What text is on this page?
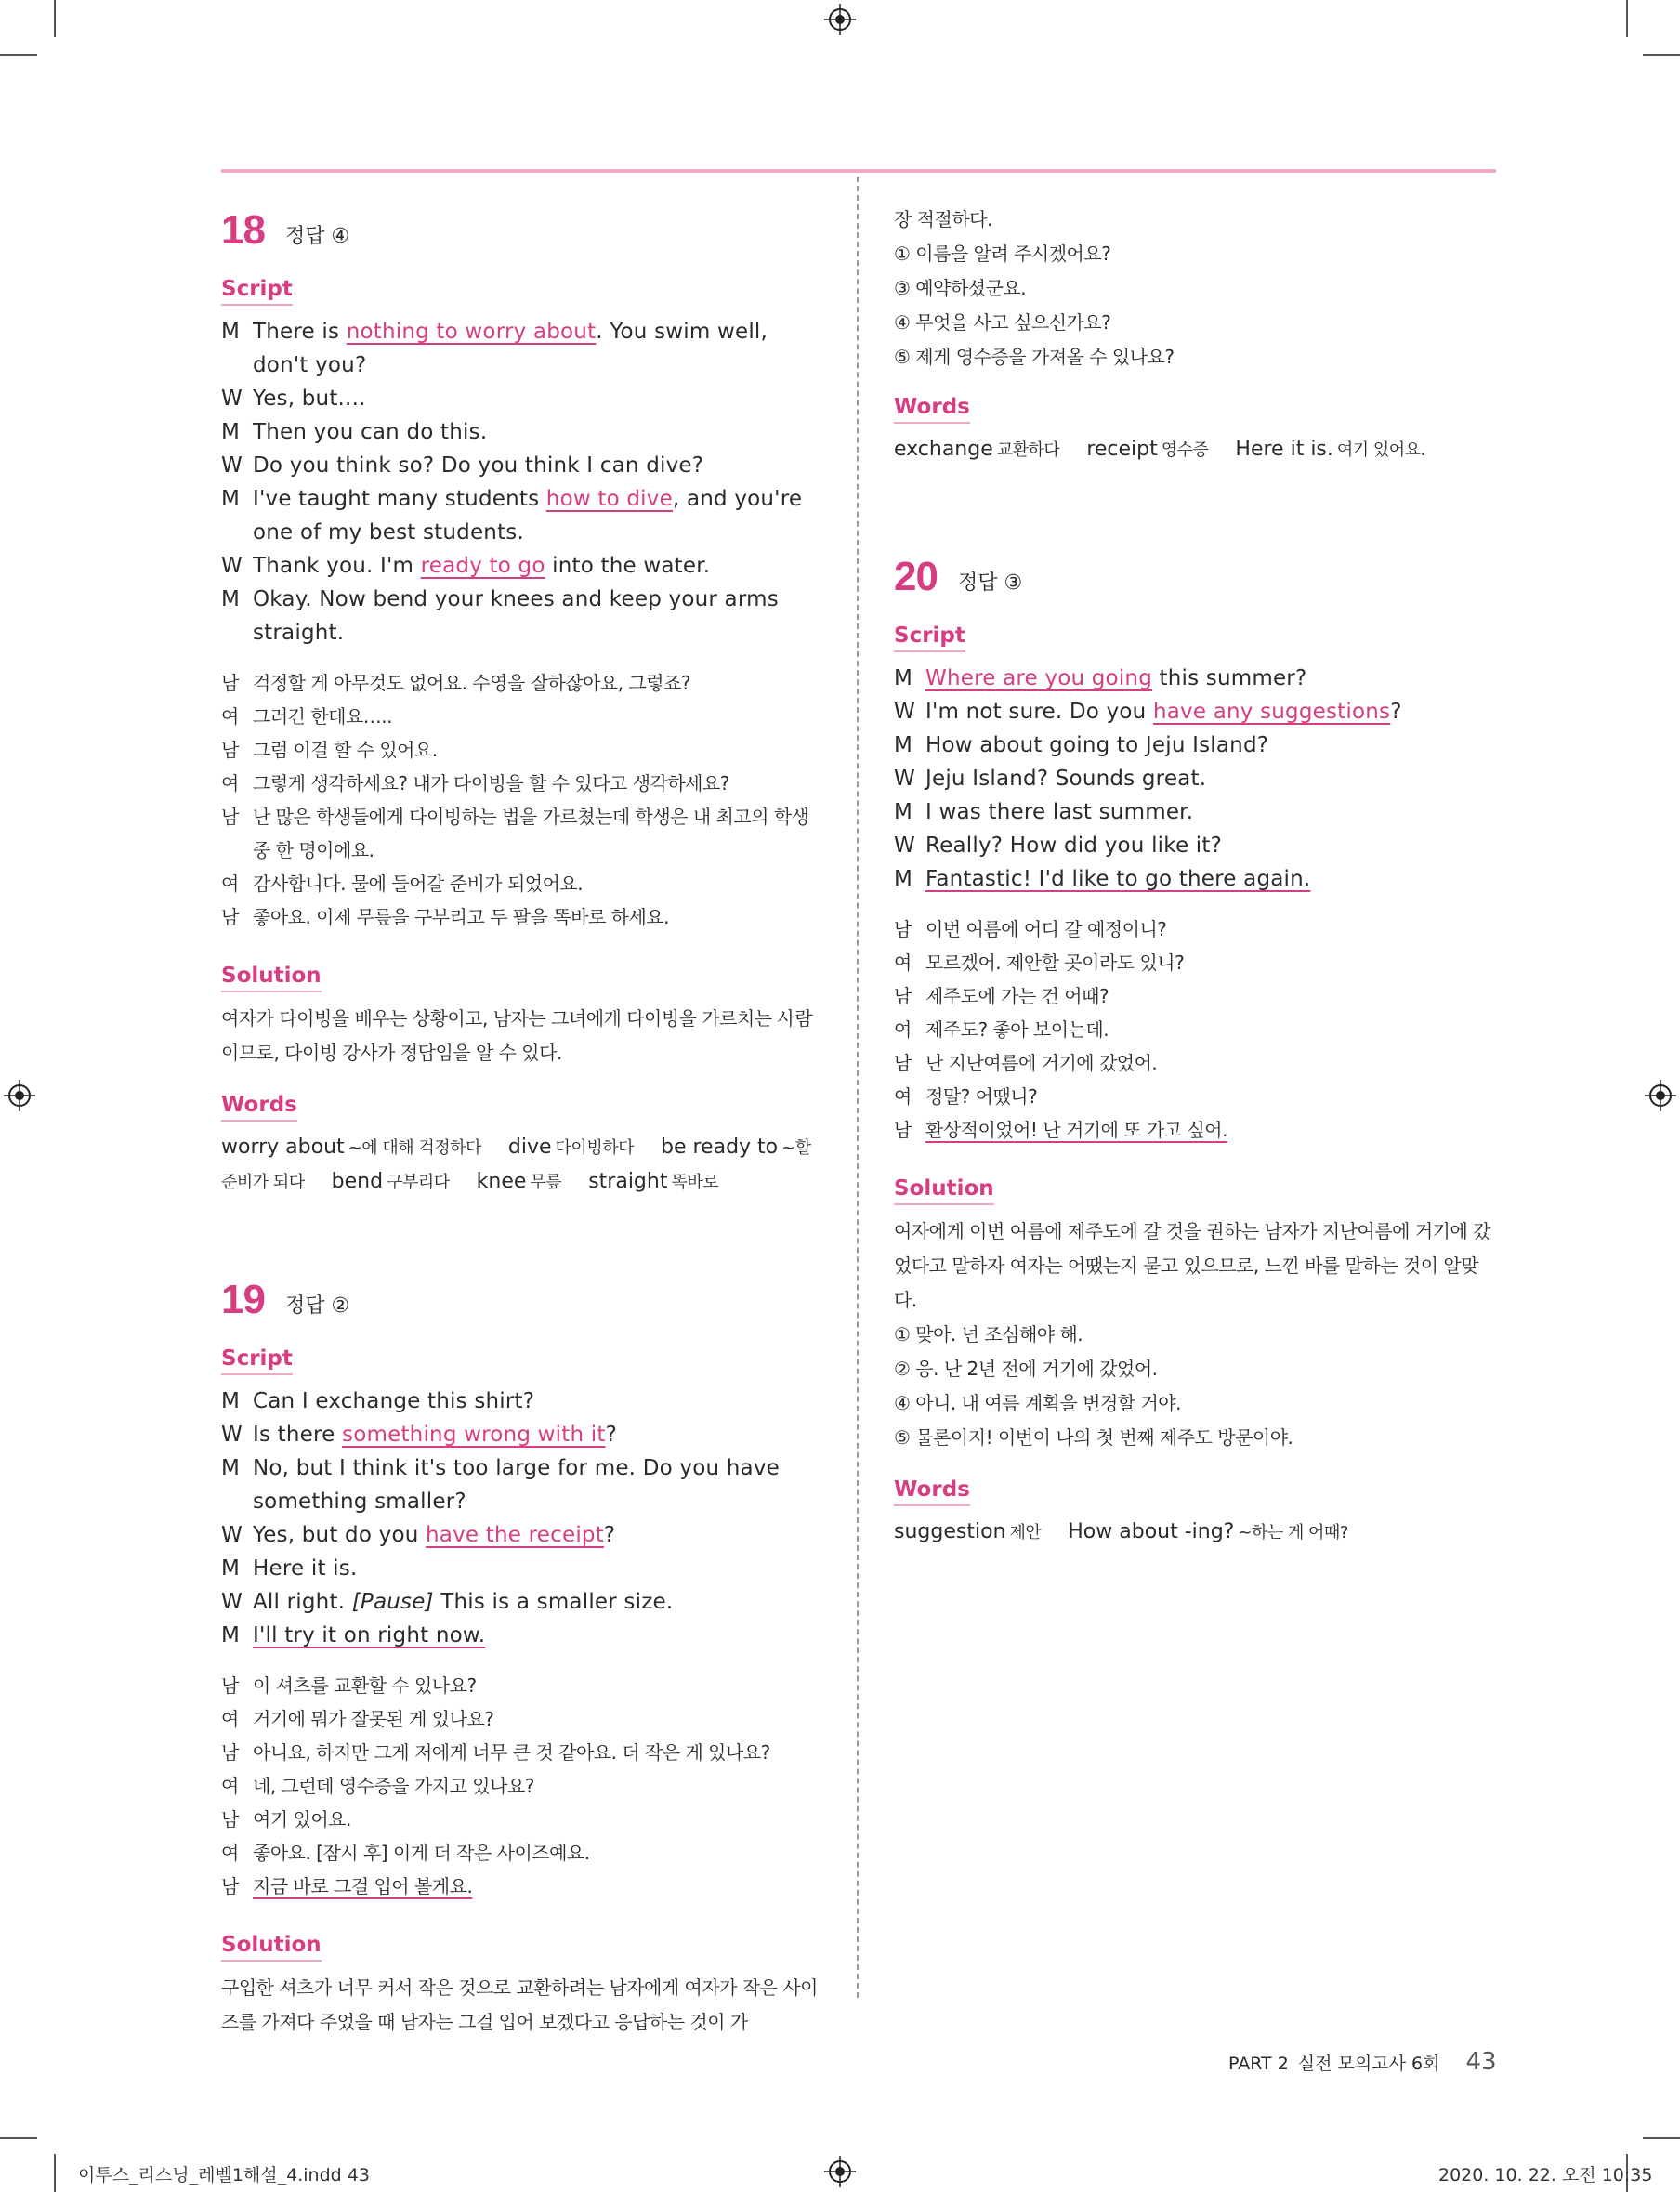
18 정답 ④
Script
M There is nothing to worry about. You swim well, don't you?
W Yes, but....
M Then you can do this.
W Do you think so? Do you think I can dive?
M I've taught many students how to dive, and you're one of my best students.
W Thank you. I'm ready to go into the water.
M Okay. Now bend your knees and keep your arms straight.
남 걱정할 게 아무것도 없어요. 수영을 잘하잖아요, 그렇죠?
여 그러긴 한데요…..
남 그럼 이걸 할 수 있어요.
여 그렇게 생각하세요? 내가 다이빙을 할 수 있다고 생각하세요?
남 난 많은 학생들에게 다이빙하는 법을 가르쳤는데 학생은 내 최고의 학생 중 한 명이에요.
여 감사합니다. 물에 들어갈 준비가 되었어요.
남 좋아요. 이제 무릎을 구부리고 두 팔을 똑바로 하세요.
Solution
여자가 다이빙을 배우는 상황이고, 남자는 그녀에게 다이빙을 가르치는 사람이므로, 다이빙 강사가 정답임을 알 수 있다.
Words
worry about ~에 대해 걱정하다 dive 다이빙하다 be ready to ~할 준비가 되다 bend 구부리다 knee 무릎 straight 똑바로
19 정답 ②
Script
M Can I exchange this shirt?
W Is there something wrong with it?
M No, but I think it's too large for me. Do you have something smaller?
W Yes, but do you have the receipt?
M Here it is.
W All right. [Pause] This is a smaller size.
M I'll try it on right now.
남 이 셔츠를 교환할 수 있나요?
여 거기에 뭐가 잘못된 게 있나요?
남 아니요, 하지만 그게 저에게 너무 큰 것 같아요. 더 작은 게 있나요?
여 네, 그런데 영수증을 가지고 있나요?
남 여기 있어요.
여 좋아요. [잠시 후] 이게 더 작은 사이즈예요.
남 지금 바로 그걸 입어 볼게요.
Solution
구입한 셔츠가 너무 커서 작은 것으로 교환하려는 남자에게 여자가 작은 사이즈를 가져다 주었을 때 남자는 그걸 입어 보겠다고 응답하는 것이 가
장 적절하다.
① 이름을 알려 주시겠어요?
③ 예약하셨군요.
④ 무엇을 사고 싶으신가요?
⑤ 제게 영수증을 가져올 수 있나요?
Words
exchange 교환하다 receipt 영수증 Here it is. 여기 있어요.
20 정답 ③
Script
M Where are you going this summer?
W I'm not sure. Do you have any suggestions?
M How about going to Jeju Island?
W Jeju Island? Sounds great.
M I was there last summer.
W Really? How did you like it?
M Fantastic! I'd like to go there again.
남 이번 여름에 어디 갈 예정이니?
여 모르겠어. 제안할 곳이라도 있니?
남 제주도에 가는 건 어때?
여 제주도? 좋아 보이는데.
남 난 지난여름에 거기에 갔었어.
여 정말? 어땠니?
남 환상적이었어! 난 거기에 또 가고 싶어.
Solution
여자에게 이번 여름에 제주도에 갈 것을 권하는 남자가 지난여름에 거기에 갔었다고 말하자 여자는 어땠는지 묻고 있으므로, 느낀 바를 말하는 것이 알맞다.
① 맞아. 넌 조심해야 해.
② 응. 난 2년 전에 거기에 갔었어.
④ 아니. 내 여름 계획을 변경할 거야.
⑤ 물론이지! 이번이 나의 첫 번째 제주도 방문이야.
Words
suggestion 제안 How about -ing? ~하는 게 어때?
PART 2 실전 모의고사 6회 43
이투스_리스닝_레벨1해설_4.indd 43	2020. 10. 22. 오전 10:35
